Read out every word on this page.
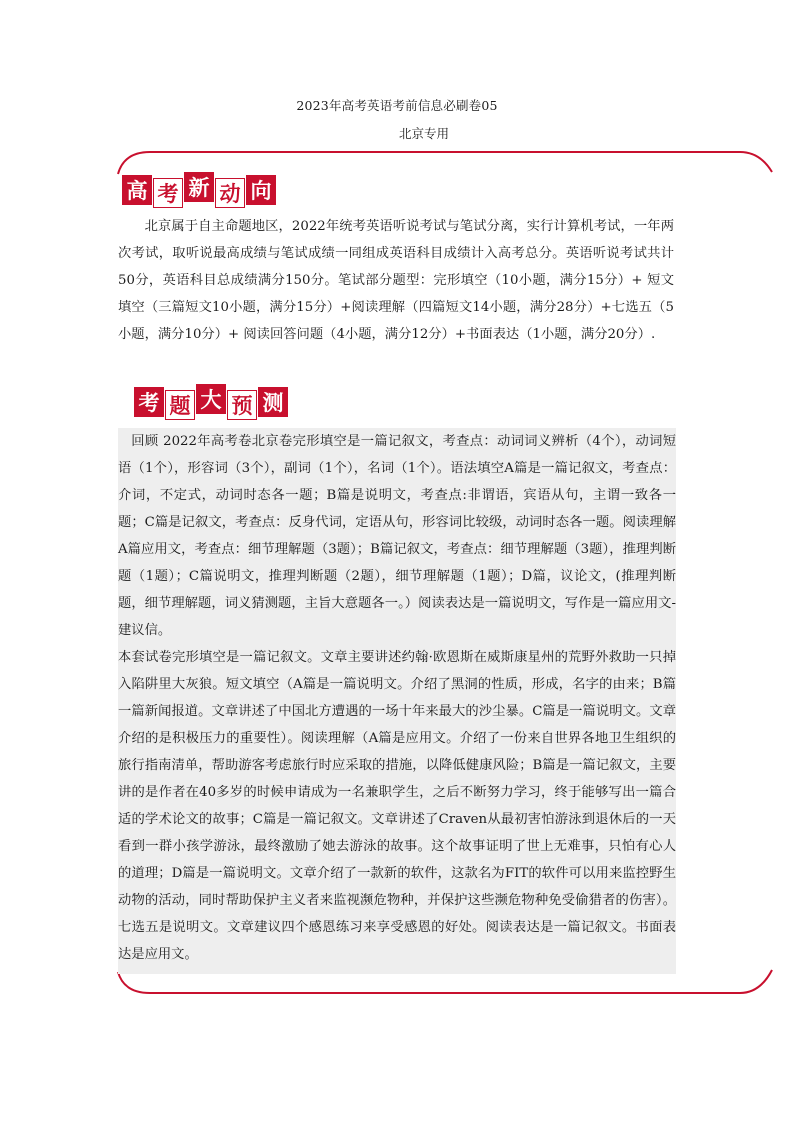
2023年高考英语考前信息必刷卷05
北京专用
高 考 新 动 向

北京属于自主命题地区，2022年统考英语听说考试与笔试分离，实行计算机考试，一年两次考试，取听说最高成绩与笔试成绩一同组成英语科目成绩计入高考总分。英语听说考试共计50分，英语科目总成绩满分150分。笔试部分题型：完形填空（10小题，满分15分）+ 短文填空（三篇短文10小题，满分15分）+阅读理解（四篇短文14小题，满分28分）+七选五（5小题，满分10分）+ 阅读回答问题（4小题，满分12分）+书面表达（1小题，满分20分）.

考 题 大 预 测

回顾 2022年高考卷北京卷完形填空是一篇记叙文，考查点：动词词义辨析（4个），动词短语（1个），形容词（3个），副词（1个），名词（1个）。语法填空A篇是一篇记叙文，考查点：介词，不定式，动词时态各一题；B篇是说明文，考查点:非谓语，宾语从句，主谓一致各一题；C篇是记叙文，考查点：反身代词，定语从句，形容词比较级，动词时态各一题。阅读理解A篇应用文，考查点：细节理解题（3题）；B篇记叙文，考查点：细节理解题（3题），推理判断题（1题）；C篇说明文，推理判断题（2题），细节理解题（1题）；D篇，议论文，(推理判断题，细节理解题，词义猜测题，主旨大意题各一。）阅读表达是一篇说明文，写作是一篇应用文-建议信。

本套试卷完形填空是一篇记叙文。文章主要讲述约翰·欧恩斯在威斯康星州的荒野外救助一只掉入陷阱里大灰狼。短文填空（A篇是一篇说明文。介绍了黑洞的性质，形成，名字的由来；B篇一篇新闻报道。文章讲述了中国北方遭遇的一场十年来最大的沙尘暴。C篇是一篇说明文。文章介绍的是积极压力的重要性）。阅读理解（A篇是应用文。介绍了一份来自世界各地卫生组织的旅行指南清单，帮助游客考虑旅行时应采取的措施，以降低健康风险；B篇是一篇记叙文，主要讲的是作者在40多岁的时候申请成为一名兼职学生，之后不断努力学习，终于能够写出一篇合适的学术论文的故事；C篇是一篇记叙文。文章讲述了Craven从最初害怕游泳到退休后的一天看到一群小孩学游泳，最终激励了她去游泳的故事。这个故事证明了世上无难事，只怕有心人的道理；D篇是一篇说明文。文章介绍了一款新的软件，这款名为FIT的软件可以用来监控野生动物的活动，同时帮助保护主义者来监视濒危物种，并保护这些濒危物种免受偷猎者的伤害）。七选五是说明文。文章建议四个感恩练习来享受感恩的好处。阅读表达是一篇记叙文。书面表达是应用文。
